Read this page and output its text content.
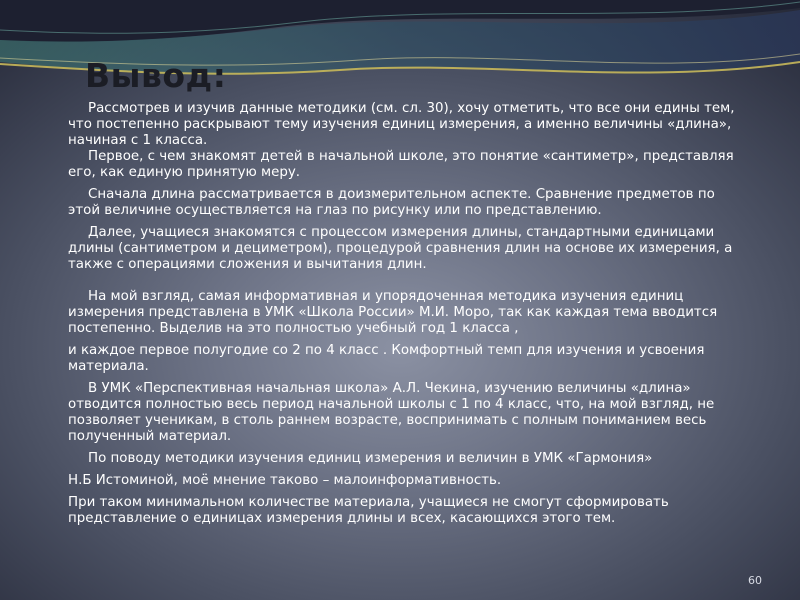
Вывод:

Рассмотрев и изучив данные методики (см. сл. 30), хочу отметить, что все они едины тем, что постепенно раскрывают тему изучения единиц измерения, а именно величины «длина», начиная с 1 класса.

Первое, с чем знакомят детей в начальной школе, это понятие «сантиметр», представляя его, как единую принятую меру.

Сначала длина рассматривается в доизмерительном аспекте. Сравнение предметов по этой величине осуществляется на глаз по рисунку или по представлению.

Далее, учащиеся знакомятся с процессом измерения длины, стандартными единицами длины (сантиметром и дециметром), процедурой сравнения длин на основе их измерения, а также с операциями сложения и вычитания длин.

На мой взгляд, самая информативная и упорядоченная методика изучения единиц измерения представлена в УМК «Школа России» М.И. Моро, так как каждая тема вводится постепенно. Выделив на это полностью учебный год 1 класса ,

и каждое первое полугодие со 2 по 4 класс . Комфортный темп для изучения и усвоения материала.

В УМК «Перспективная начальная школа» А.Л. Чекина, изучению величины «длина» отводится полностью весь период начальной школы с 1 по 4 класс, что, на мой взгляд, не позволяет ученикам, в столь раннем возрасте, воспринимать с полным пониманием весь полученный материал.

По поводу методики изучения единиц измерения и величин в УМК «Гармония»

Н.Б Истоминой, моё мнение таково – малоинформативность.

При таком минимальном количестве материала, учащиеся не смогут сформировать представление о единицах измерения длины и всех, касающихся этого тем.

60
